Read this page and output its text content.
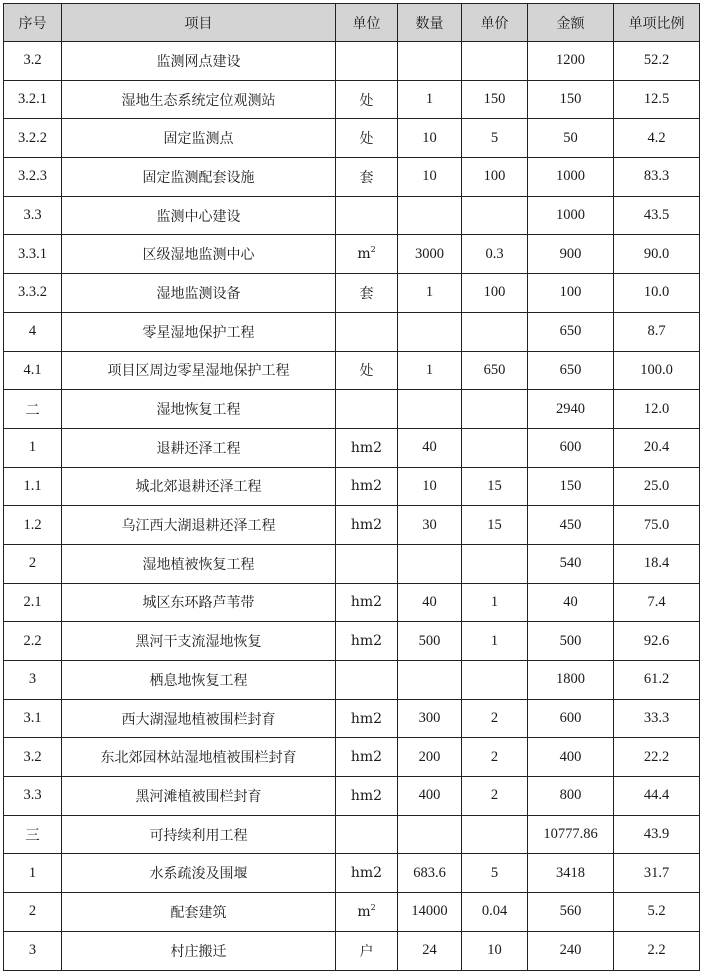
序号	项目	单位	数量	单价	金额	单项比例
3.2	监测网点建设				1200	52.2
3.2.1	湿地生态系统定位观测站	处	1	150	150	12.5
3.2.2	固定监测点	处	10	5	50	4.2
3.2.3	固定监测配套设施	套	10	100	1000	83.3
3.3	监测中心建设				1000	43.5
3.3.1	区级湿地监测中心	$m^2$	3000	0.3	900	90.0
3.3.2	湿地监测设备	套	1	100	100	10.0
4	零星湿地保护工程				650	8.7
4.1	项目区周边零星湿地保护工程	处	1	650	650	100.0
二	湿地恢复工程				2940	12.0
1	退耕还泽工程	hm2	40		600	20.4
1.1	城北郊退耕还泽工程	hm2	10	15	150	25.0
1.2	乌江西大湖退耕还泽工程	hm2	30	15	450	75.0
2	湿地植被恢复工程				540	18.4
2.1	城区东环路芦苇带	hm2	40	1	40	7.4
2.2	黑河干支流湿地恢复	hm2	500	1	500	92.6
3	栖息地恢复工程				1800	61.2
3.1	西大湖湿地植被围栏封育	hm2	300	2	600	33.3
3.2	东北郊园林站湿地植被围栏封育	hm2	200	2	400	22.2
3.3	黑河滩植被围栏封育	hm2	400	2	800	44.4
三	可持续利用工程				10777.86	43.9
1	水系疏浚及围堰	hm2	683.6	5	3418	31.7
2	配套建筑	$m^2$	14000	0.04	560	5.2
3	村庄搬迁	户	24	10	240	2.2
